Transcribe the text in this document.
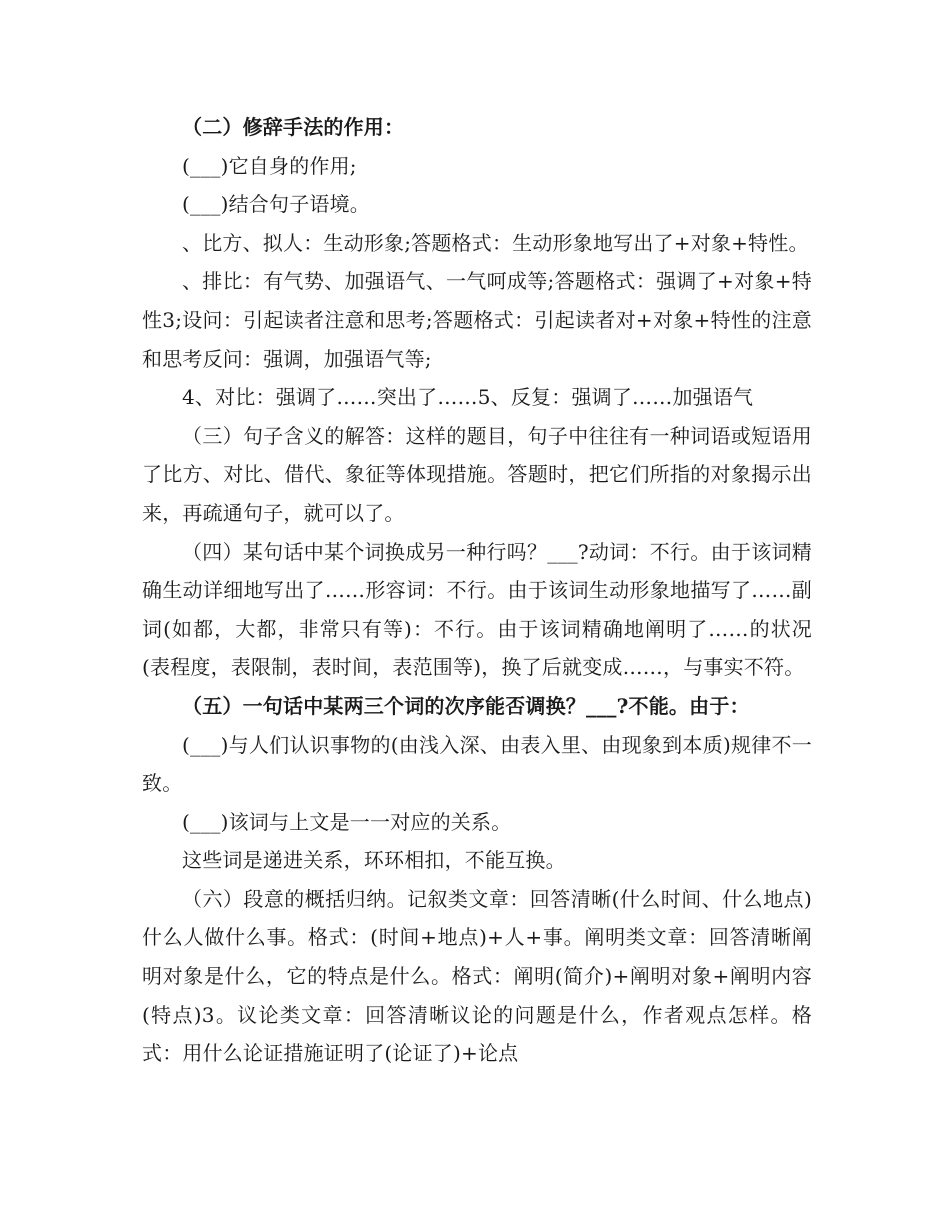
（二）修辞手法的作用：

(___)它自身的作用;

(___)结合句子语境。

、比方、拟人：生动形象;答题格式：生动形象地写出了+对象+特性。

、排比：有气势、加强语气、一气呵成等;答题格式：强调了+对象+特性3;设问：引起读者注意和思考;答题格式：引起读者对+对象+特性的注意和思考反问：强调，加强语气等;

4、对比：强调了……突出了……5、反复：强调了……加强语气

（三）句子含义的解答：这样的题目，句子中往往有一种词语或短语用了比方、对比、借代、象征等体现措施。答题时，把它们所指的对象揭示出来，再疏通句子，就可以了。

（四）某句话中某个词换成另一种行吗？___?动词：不行。由于该词精确生动详细地写出了……形容词：不行。由于该词生动形象地描写了……副词(如都，大都，非常只有等)：不行。由于该词精确地阐明了……的状况(表程度，表限制，表时间，表范围等)，换了后就变成……，与事实不符。

（五）一句话中某两三个词的次序能否调换？___?不能。由于：

(___)与人们认识事物的(由浅入深、由表入里、由现象到本质)规律不一致。

(___)该词与上文是一一对应的关系。

这些词是递进关系，环环相扣，不能互换。

（六）段意的概括归纳。记叙类文章：回答清晰(什么时间、什么地点)什么人做什么事。格式：(时间+地点)+人+事。阐明类文章：回答清晰阐明对象是什么，它的特点是什么。格式：阐明(简介)+阐明对象+阐明内容(特点)3。议论类文章：回答清晰议论的问题是什么，作者观点怎样。格式：用什么论证措施证明了(论证了)+论点
